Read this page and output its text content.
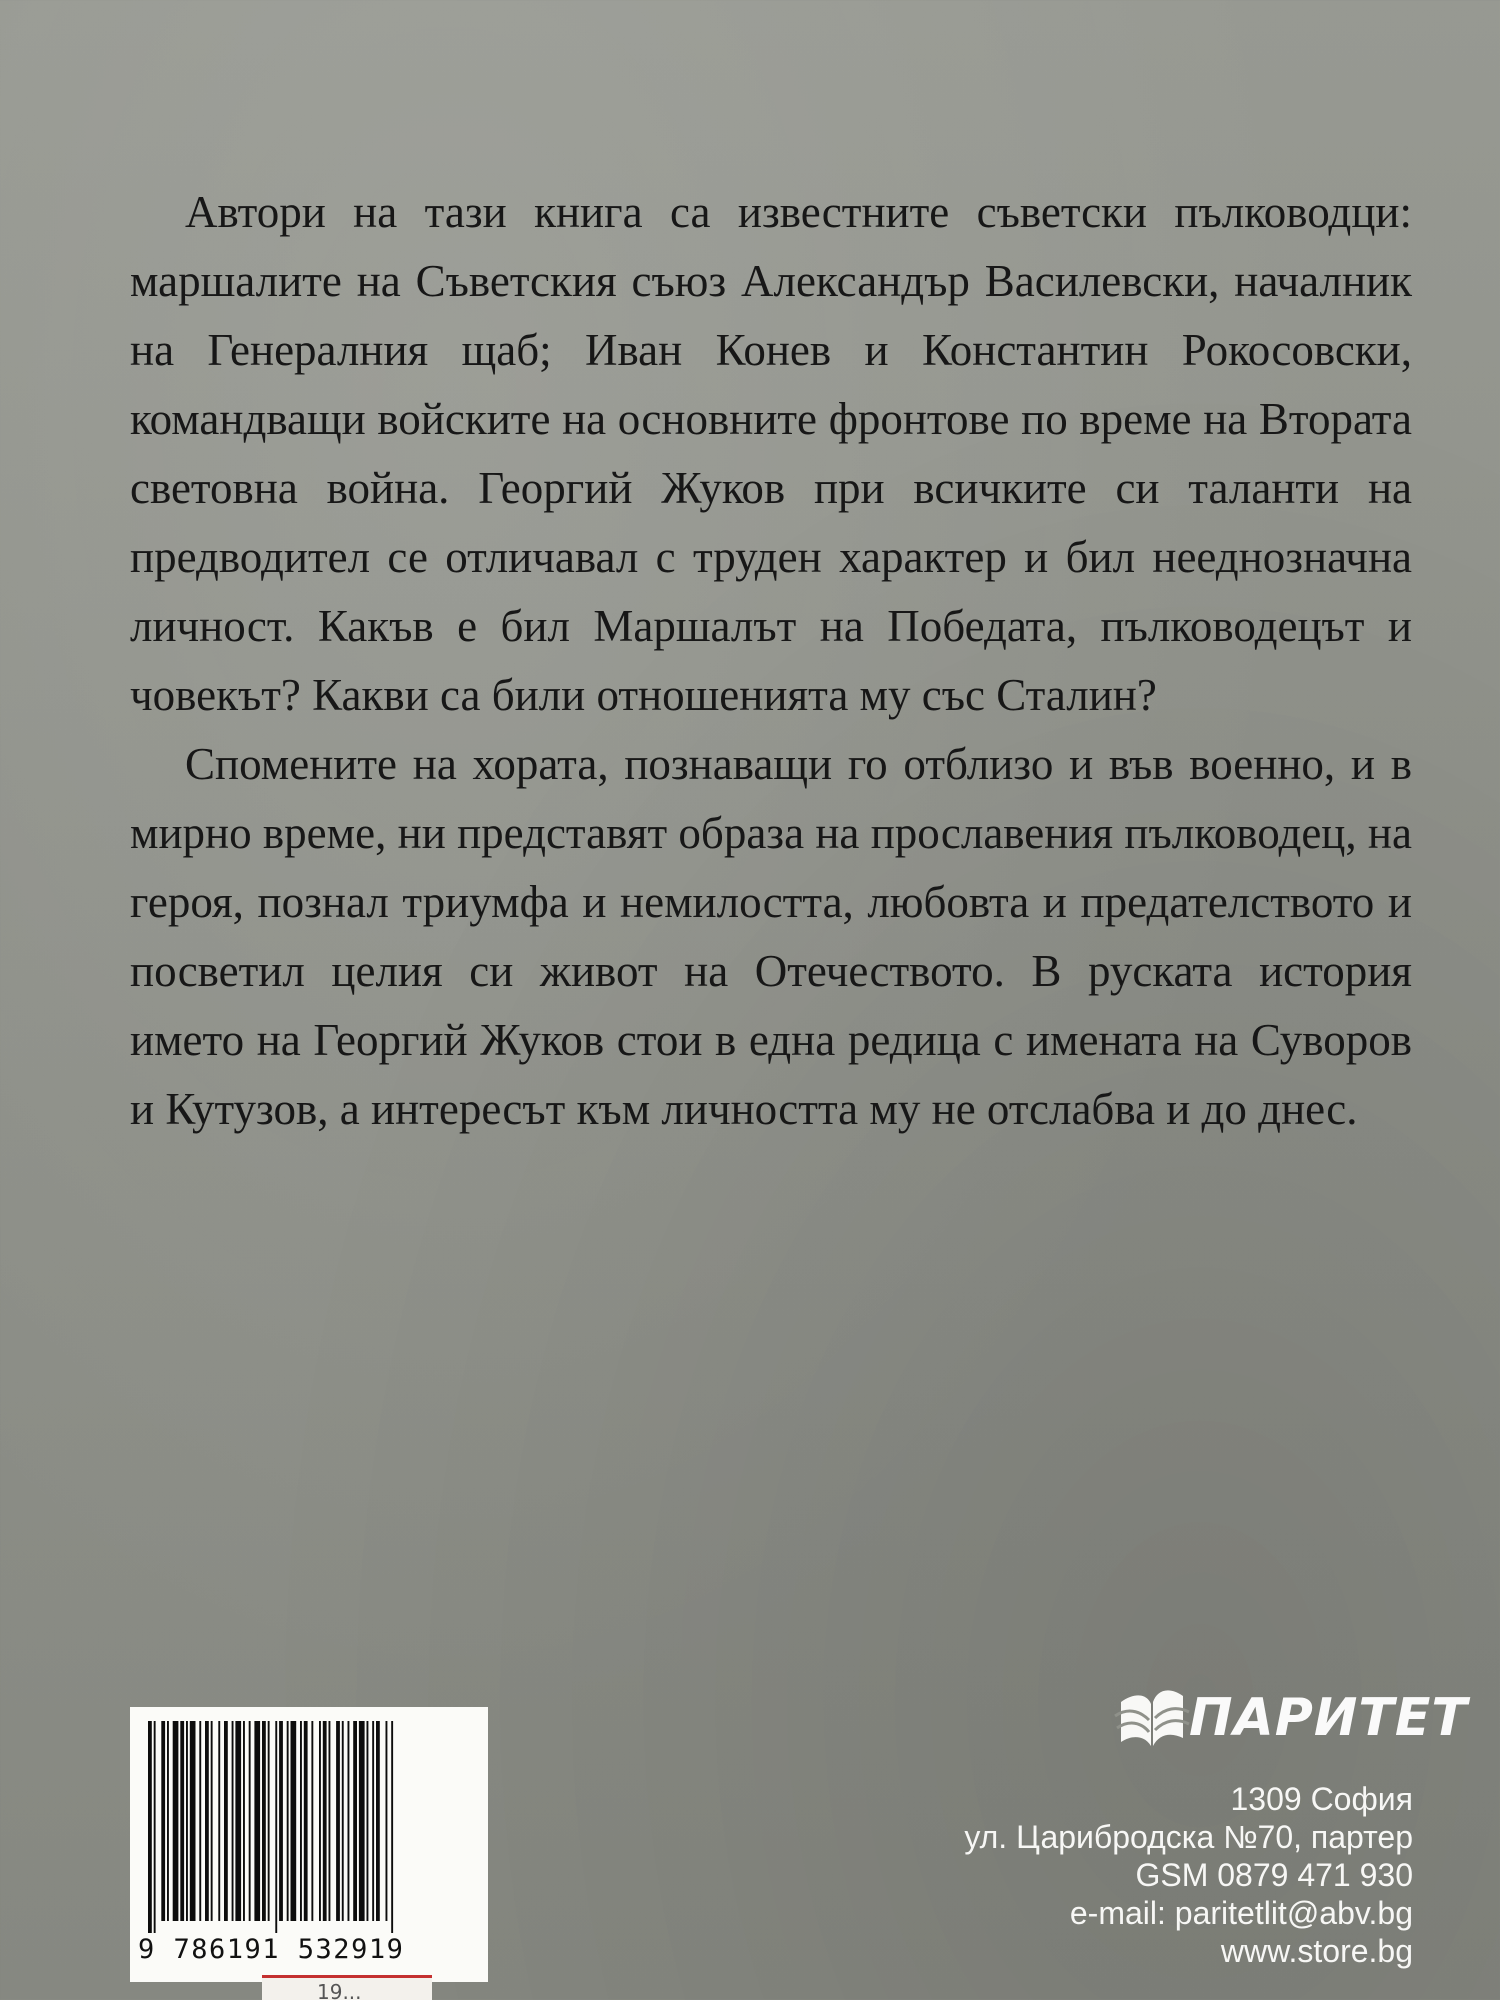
Автори на тази книга са известните съветски пълководци: маршалите на Съветския съюз Александър Василевски, началник на Генералния щаб; Иван Конев и Константин Рокосовски, командващи войските на основните фронтове по време на Втората световна война. Георгий Жуков при всичките си таланти на предводител се отличавал с труден характер и бил нееднозначна личност. Какъв е бил Маршалът на Победата, пълководецът и човекът? Какви са били отношенията му със Сталин?

Спомените на хората, познаващи го отблизо и във военно, и в мирно време, ни представят образа на прославения пълководец, на героя, познал триумфа и немилостта, любовта и предателството и посветил целия си живот на Отечеството. В руската история името на Георгий Жуков стои в една редица с имената на Суворов и Кутузов, а интересът към личността му не отслабва и до днес.

9 786191 532919
19...
ПАРИТЕТ
1309 София
ул. Царибродска №70, партер
GSM 0879 471 930
e-mail: paritetlit@abv.bg
www.store.bg
